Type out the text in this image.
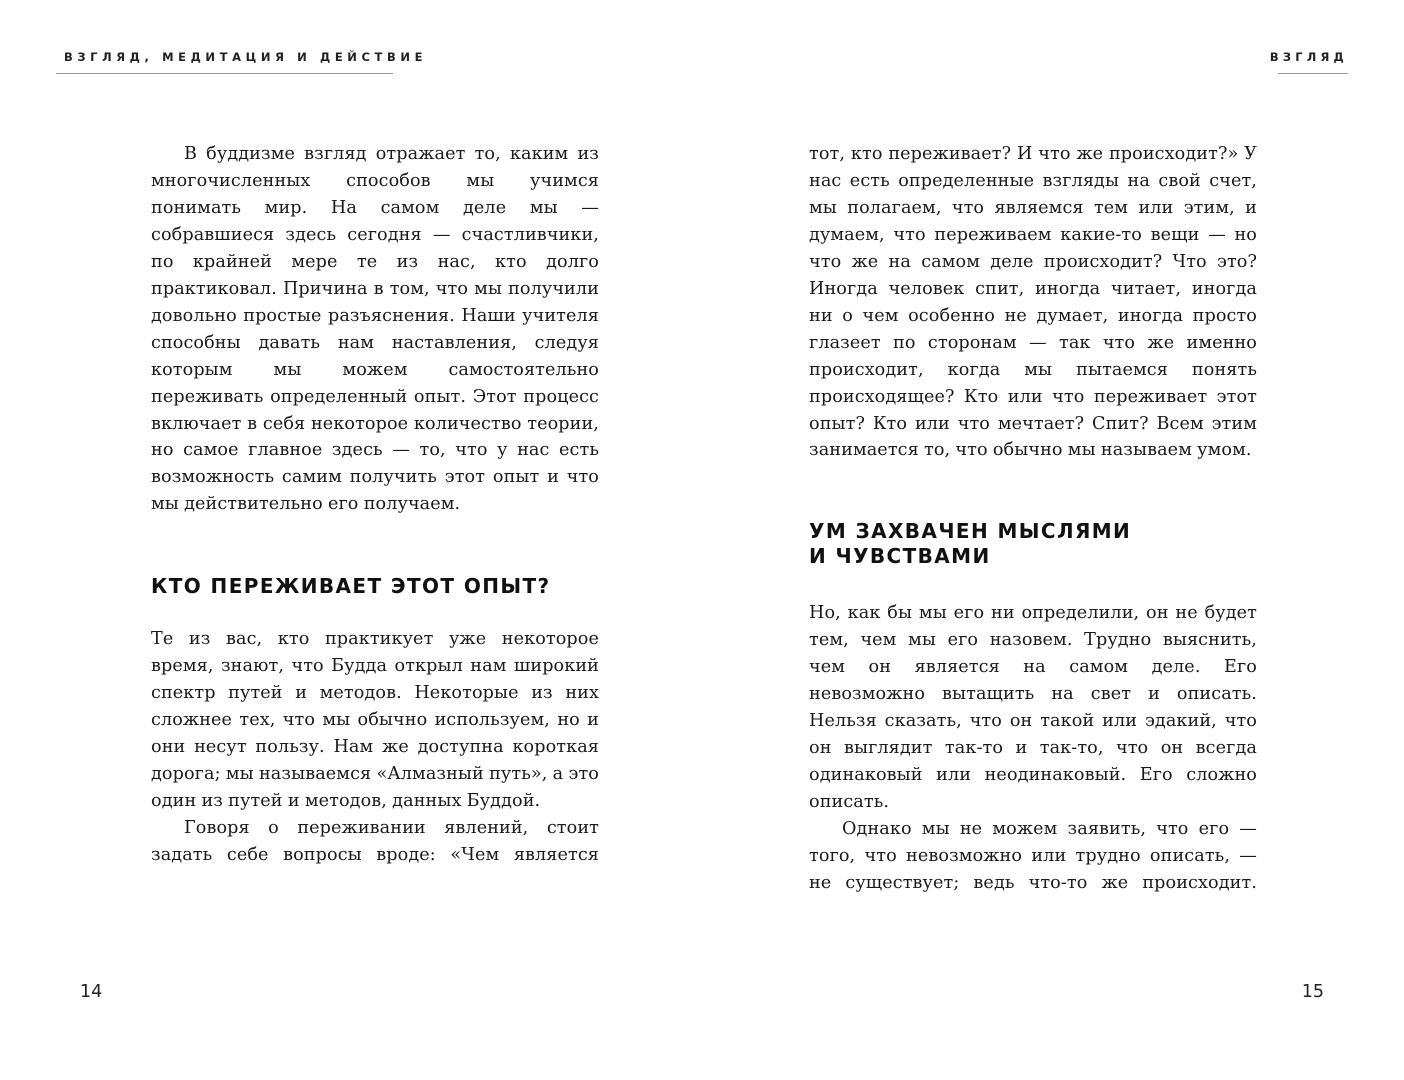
ВЗГЛЯД, МЕДИТАЦИЯ И ДЕЙСТВИЕ

В буддизме взгляд отражает то, каким из многочисленных способов мы учимся понимать мир. На самом деле мы — собравшиеся здесь сегодня — счастливчики, по крайней мере те из нас, кто долго практиковал. Причина в том, что мы получили довольно простые разъяснения. Наши учителя способны давать нам наставления, следуя которым мы можем самостоятельно переживать определенный опыт. Этот процесс включает в себя некоторое количество теории, но самое главное здесь — то, что у нас есть возможность самим получить этот опыт и что мы действительно его получаем.

КТО ПЕРЕЖИВАЕТ ЭТОТ ОПЫТ?

Те из вас, кто практикует уже некоторое время, знают, что Будда открыл нам широкий спектр путей и методов. Некоторые из них сложнее тех, что мы обычно используем, но и они несут пользу. Нам же доступна короткая дорога; мы называемся «Алмазный путь», а это один из путей и методов, данных Буддой.

Говоря о переживании явлений, стоит задать себе вопросы вроде: «Чем является

14
ВЗГЛЯД

тот, кто переживает? И что же происходит?» У нас есть определенные взгляды на свой счет, мы полагаем, что являемся тем или этим, и думаем, что переживаем какие-то вещи — но что же на самом деле происходит? Что это? Иногда человек спит, иногда читает, иногда ни о чем особенно не думает, иногда просто глазеет по сторонам — так что же именно происходит, когда мы пытаемся понять происходящее? Кто или что переживает этот опыт? Кто или что мечтает? Спит? Всем этим занимается то, что обычно мы называем умом.

УМ ЗАХВАЧЕН МЫСЛЯМИ
И ЧУВСТВАМИ

Но, как бы мы его ни определили, он не будет тем, чем мы его назовем. Трудно выяснить, чем он является на самом деле. Его невозможно вытащить на свет и описать. Нельзя сказать, что он такой или эдакий, что он выглядит так-то и так-то, что он всегда одинаковый или неодинаковый. Его сложно описать.

Однако мы не можем заявить, что его — того, что невозможно или трудно описать, — не существует; ведь что-то же происходит.

15
